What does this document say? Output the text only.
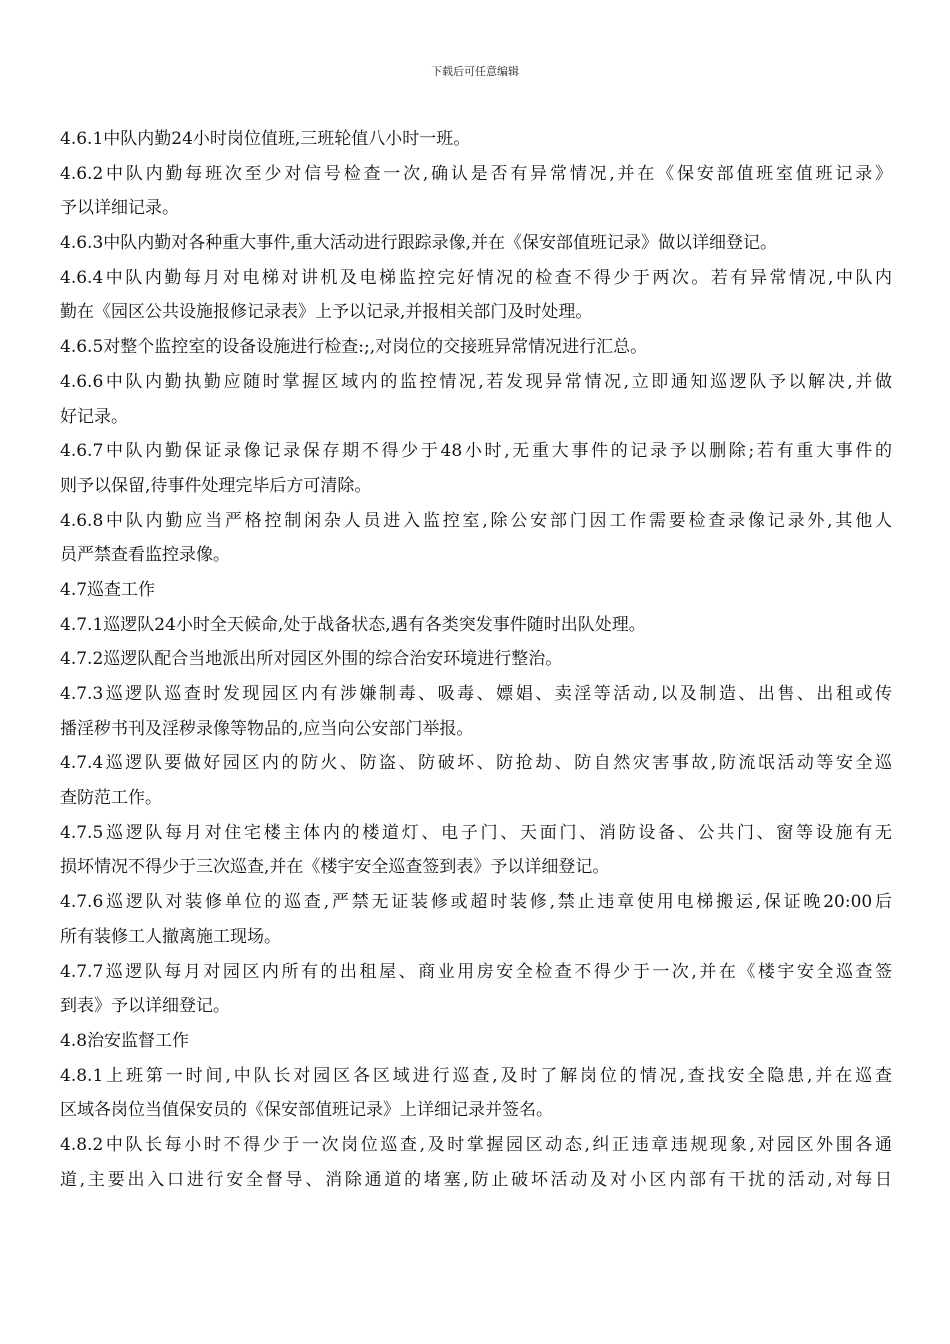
下载后可任意编辑
4.6.1中队内勤24小时岗位值班,三班轮值八小时一班。
4.6.2中队内勤每班次至少对信号检查一次,确认是否有异常情况,并在《保安部值班室值班记录》
予以详细记录。
4.6.3中队内勤对各种重大事件,重大活动进行跟踪录像,并在《保安部值班记录》做以详细登记。
4.6.4中队内勤每月对电梯对讲机及电梯监控完好情况的检查不得少于两次。若有异常情况,中队内
勤在《园区公共设施报修记录表》上予以记录,并报相关部门及时处理。
4.6.5对整个监控室的设备设施进行检查:;,对岗位的交接班异常情况进行汇总。
4.6.6中队内勤执勤应随时掌握区域内的监控情况,若发现异常情况,立即通知巡逻队予以解决,并做
好记录。
4.6.7中队内勤保证录像记录保存期不得少于48小时,无重大事件的记录予以删除;若有重大事件的
则予以保留,待事件处理完毕后方可清除。
4.6.8中队内勤应当严格控制闲杂人员进入监控室,除公安部门因工作需要检查录像记录外,其他人
员严禁查看监控录像。
4.7巡查工作
4.7.1巡逻队24小时全天候命,处于战备状态,遇有各类突发事件随时出队处理。
4.7.2巡逻队配合当地派出所对园区外围的综合治安环境进行整治。
4.7.3巡逻队巡查时发现园区内有涉嫌制毒、吸毒、嫖娼、卖淫等活动,以及制造、出售、出租或传
播淫秽书刊及淫秽录像等物品的,应当向公安部门举报。
4.7.4巡逻队要做好园区内的防火、防盗、防破坏、防抢劫、防自然灾害事故,防流氓活动等安全巡
查防范工作。
4.7.5巡逻队每月对住宅楼主体内的楼道灯、电子门、天面门、消防设备、公共门、窗等设施有无
损坏情况不得少于三次巡查,并在《楼宇安全巡查签到表》予以详细登记。
4.7.6巡逻队对装修单位的巡查,严禁无证装修或超时装修,禁止违章使用电梯搬运,保证晚20:00后
所有装修工人撤离施工现场。
4.7.7巡逻队每月对园区内所有的出租屋、商业用房安全检查不得少于一次,并在《楼宇安全巡查签
到表》予以详细登记。
4.8治安监督工作
4.8.1上班第一时间,中队长对园区各区域进行巡查,及时了解岗位的情况,查找安全隐患,并在巡查
区域各岗位当值保安员的《保安部值班记录》上详细记录并签名。
4.8.2中队长每小时不得少于一次岗位巡查,及时掌握园区动态,纠正违章违规现象,对园区外围各通
道,主要出入口进行安全督导、消除通道的堵塞,防止破坏活动及对小区内部有干扰的活动,对每日
